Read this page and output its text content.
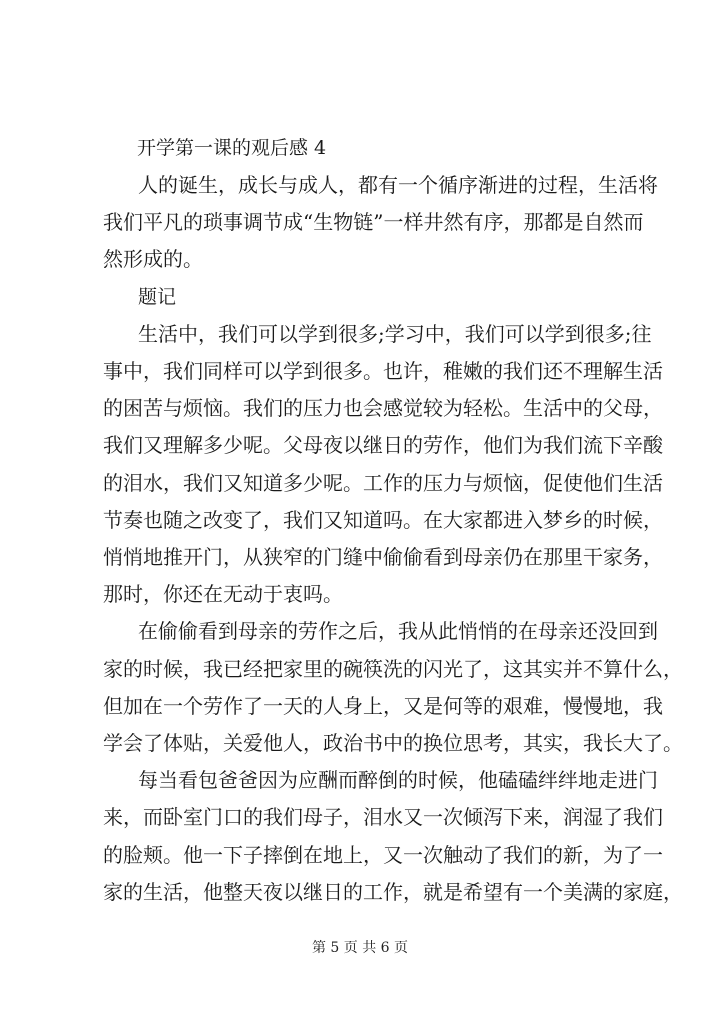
开学第一课的观后感 4

人的诞生，成长与成人，都有一个循序渐进的过程，生活将

我们平凡的琐事调节成“生物链”一样井然有序，那都是自然而

然形成的。

题记

生活中，我们可以学到很多;学习中，我们可以学到很多;往

事中，我们同样可以学到很多。也许，稚嫩的我们还不理解生活

的困苦与烦恼。我们的压力也会感觉较为轻松。生活中的父母，

我们又理解多少呢。父母夜以继日的劳作，他们为我们流下辛酸

的泪水，我们又知道多少呢。工作的压力与烦恼，促使他们生活

节奏也随之改变了，我们又知道吗。在大家都进入梦乡的时候，

悄悄地推开门，从狭窄的门缝中偷偷看到母亲仍在那里干家务，

那时，你还在无动于衷吗。

在偷偷看到母亲的劳作之后，我从此悄悄的在母亲还没回到

家的时候，我已经把家里的碗筷洗的闪光了，这其实并不算什么，

但加在一个劳作了一天的人身上，又是何等的艰难，慢慢地，我

学会了体贴，关爱他人，政治书中的换位思考，其实，我长大了。

每当看包爸爸因为应酬而醉倒的时候，他磕磕绊绊地走进门

来，而卧室门口的我们母子，泪水又一次倾泻下来，润湿了我们

的脸颊。他一下子摔倒在地上，又一次触动了我们的新，为了一

家的生活，他整天夜以继日的工作，就是希望有一个美满的家庭，

第 5 页 共 6 页
